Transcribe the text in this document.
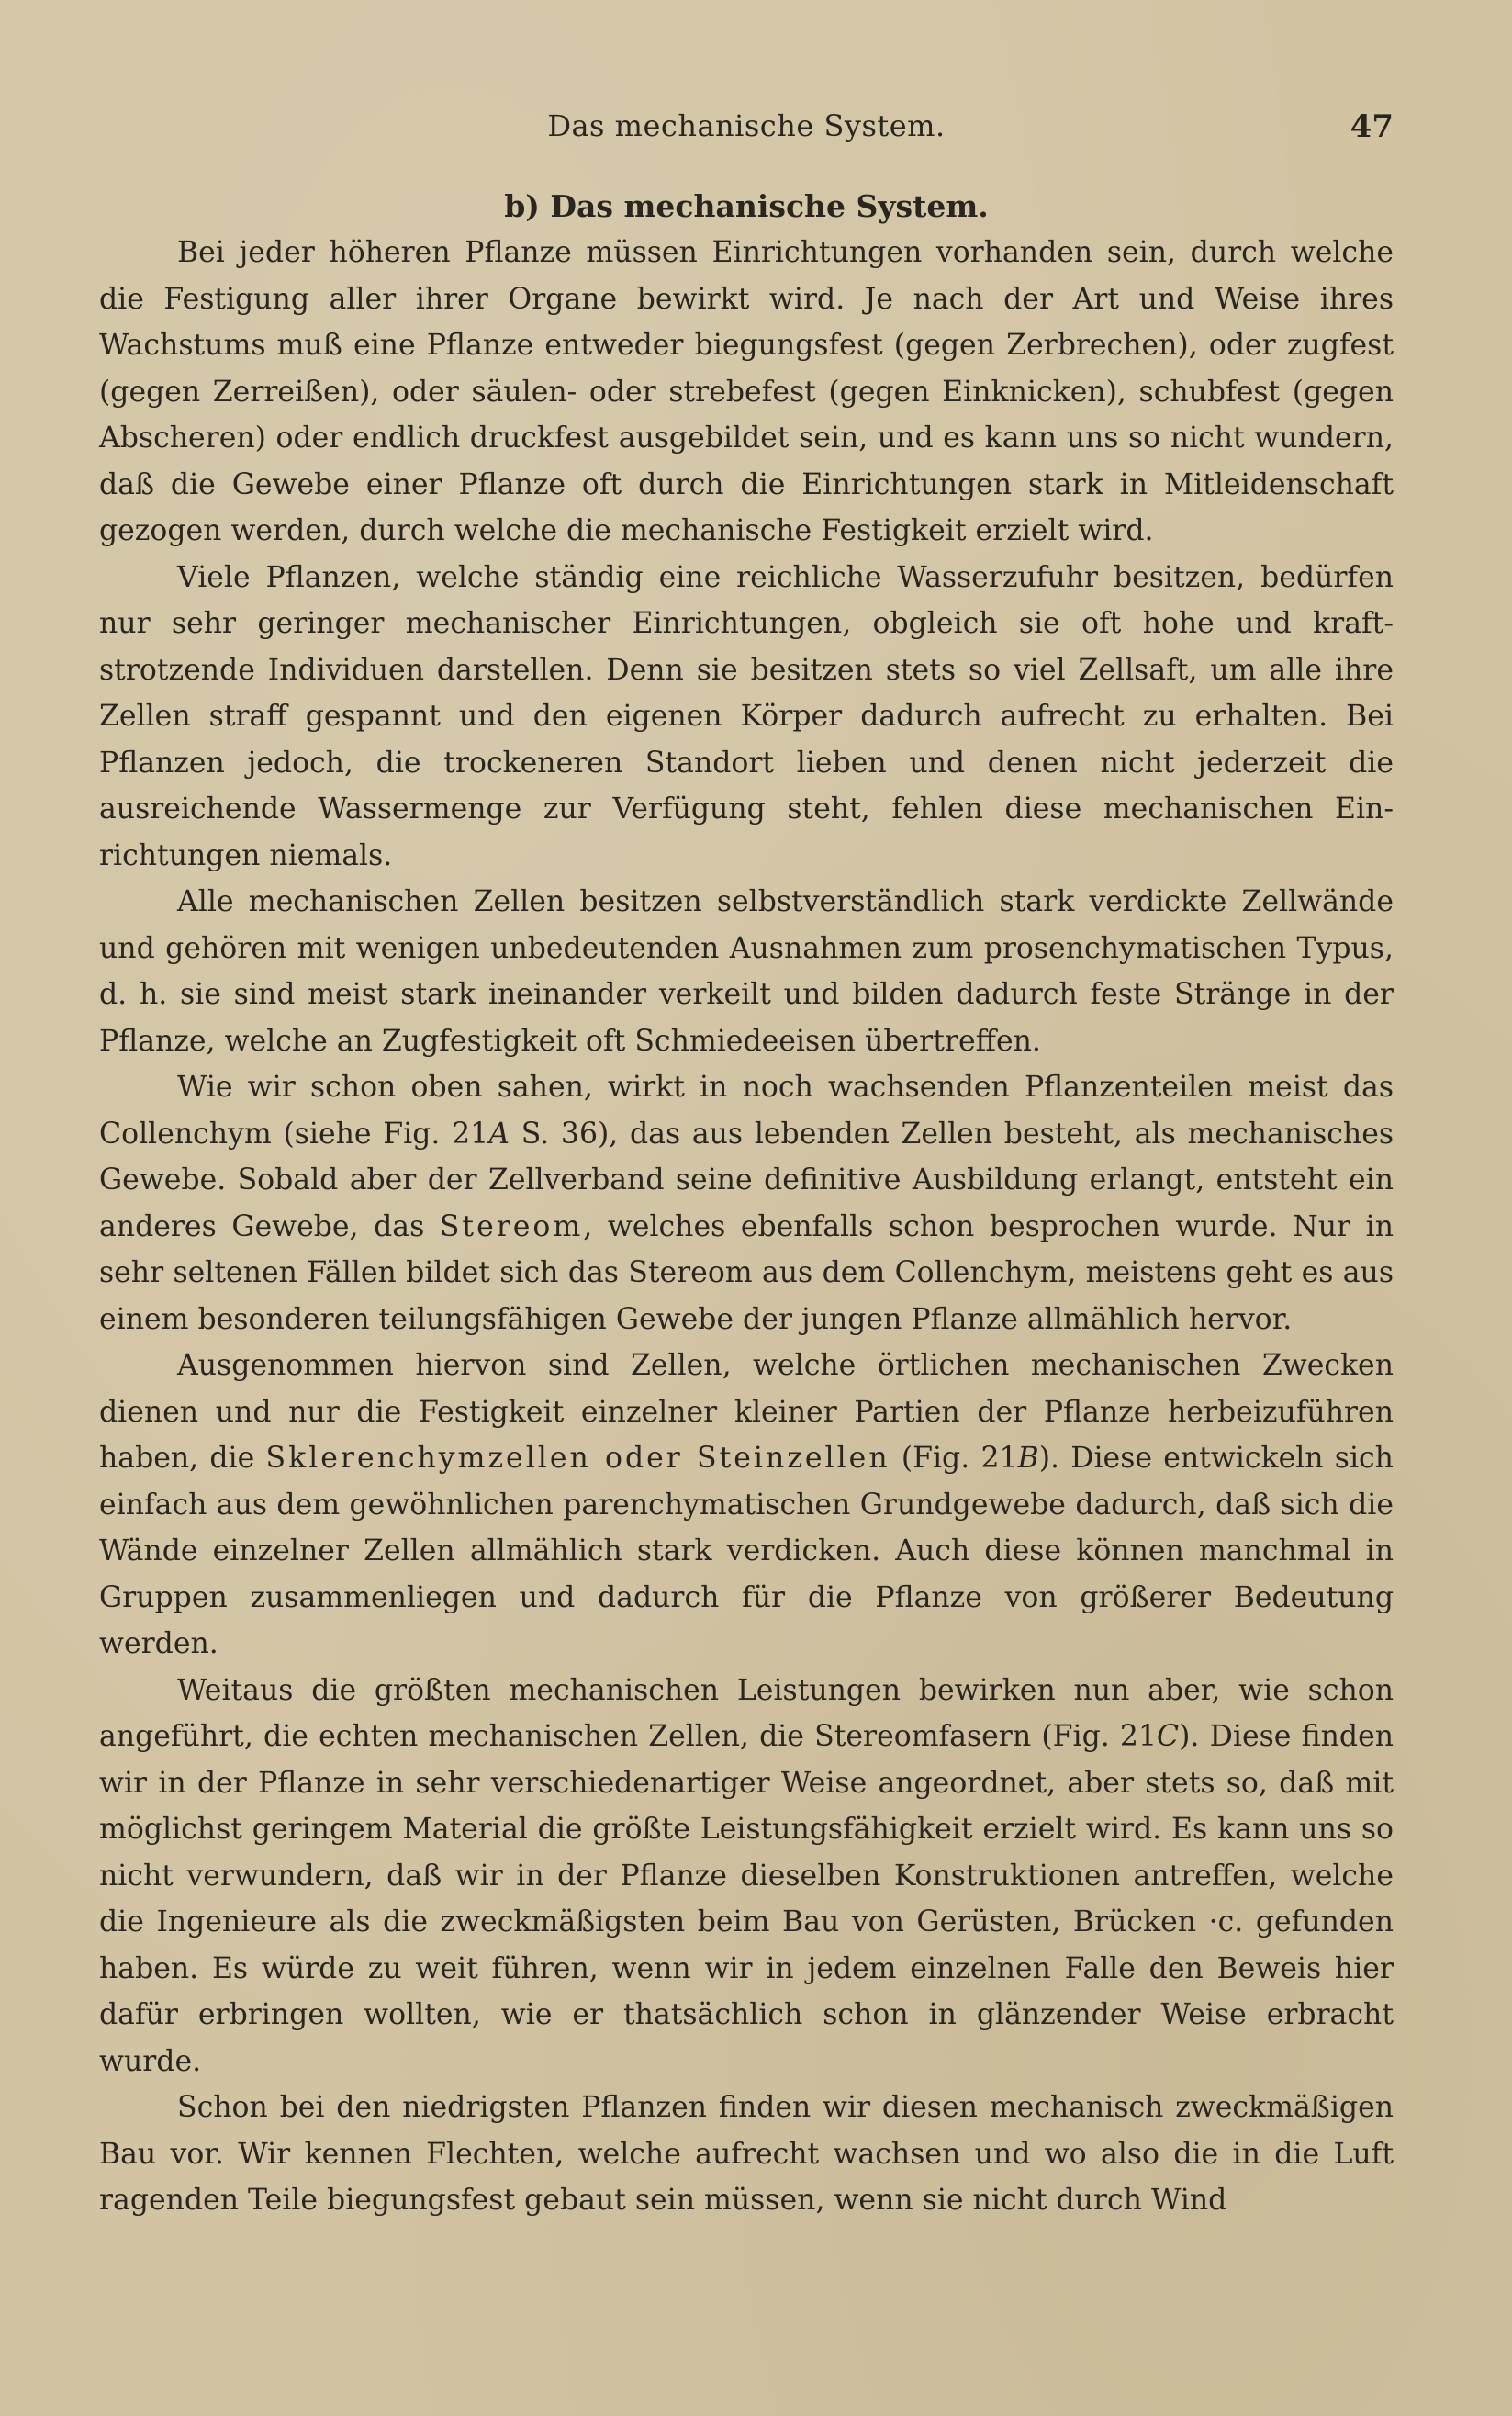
Das mechanische System.	47

b) Das mechanische System.

Bei jeder höheren Pflanze müssen Einrichtungen vorhanden sein, durch welche die Festigung aller ihrer Organe bewirkt wird. Je nach der Art und Weise ihres Wachstums muß eine Pflanze entweder biegungsfest (gegen Zerbrechen), oder zugfest (gegen Zerreißen), oder säulen- oder strebefest (gegen Einknicken), schubfest (gegen Abscheren) oder endlich druckfest ausgebildet sein, und es kann uns so nicht wundern, daß die Gewebe einer Pflanze oft durch die Einrichtungen stark in Mitleidenschaft gezogen werden, durch welche die mechanische Festigkeit erzielt wird.

Viele Pflanzen, welche ständig eine reichliche Wasserzufuhr besitzen, bedürfen nur sehr geringer mechanischer Einrichtungen, obgleich sie oft hohe und kraftstrotzende Individuen darstellen. Denn sie besitzen stets so viel Zellsaft, um alle ihre Zellen straff gespannt und den eigenen Körper dadurch aufrecht zu erhalten. Bei Pflanzen jedoch, die trockeneren Standort lieben und denen nicht jederzeit die ausreichende Wassermenge zur Verfügung steht, fehlen diese mechanischen Einrichtungen niemals.

Alle mechanischen Zellen besitzen selbstverständlich stark verdickte Zellwände und gehören mit wenigen unbedeutenden Ausnahmen zum prosenchymatischen Typus, d. h. sie sind meist stark ineinander verkeilt und bilden dadurch feste Stränge in der Pflanze, welche an Zugfestigkeit oft Schmiedeeisen übertreffen.

Wie wir schon oben sahen, wirkt in noch wachsenden Pflanzenteilen meist das Collenchym (siehe Fig. 21A S. 36), das aus lebenden Zellen besteht, als mechanisches Gewebe. Sobald aber der Zellverband seine definitive Ausbildung erlangt, entsteht ein anderes Gewebe, das Stereom, welches ebenfalls schon besprochen wurde. Nur in sehr seltenen Fällen bildet sich das Stereom aus dem Collenchym, meistens geht es aus einem besonderen teilungsfähigen Gewebe der jungen Pflanze allmählich hervor.

Ausgenommen hiervon sind Zellen, welche örtlichen mechanischen Zwecken dienen und nur die Festigkeit einzelner kleiner Partien der Pflanze herbeizuführen haben, die Sklerenchymzellen oder Steinzellen (Fig. 21B). Diese entwickeln sich einfach aus dem gewöhnlichen parenchymatischen Grundgewebe dadurch, daß sich die Wände einzelner Zellen allmählich stark verdicken. Auch diese können manchmal in Gruppen zusammenliegen und dadurch für die Pflanze von größerer Bedeutung werden.

Weitaus die größten mechanischen Leistungen bewirken nun aber, wie schon angeführt, die echten mechanischen Zellen, die Stereomfasern (Fig. 21C). Diese finden wir in der Pflanze in sehr verschiedenartiger Weise angeordnet, aber stets so, daß mit möglichst geringem Material die größte Leistungsfähigkeit erzielt wird. Es kann uns so nicht verwundern, daß wir in der Pflanze dieselben Konstruktionen antreffen, welche die Ingenieure als die zweckmäßigsten beim Bau von Gerüsten, Brücken ·c. gefunden haben. Es würde zu weit führen, wenn wir in jedem einzelnen Falle den Beweis hier dafür erbringen wollten, wie er thatsächlich schon in glänzender Weise erbracht wurde.

Schon bei den niedrigsten Pflanzen finden wir diesen mechanisch zweckmäßigen Bau vor. Wir kennen Flechten, welche aufrecht wachsen und wo also die in die Luft ragenden Teile biegungsfest gebaut sein müssen, wenn sie nicht durch Wind
